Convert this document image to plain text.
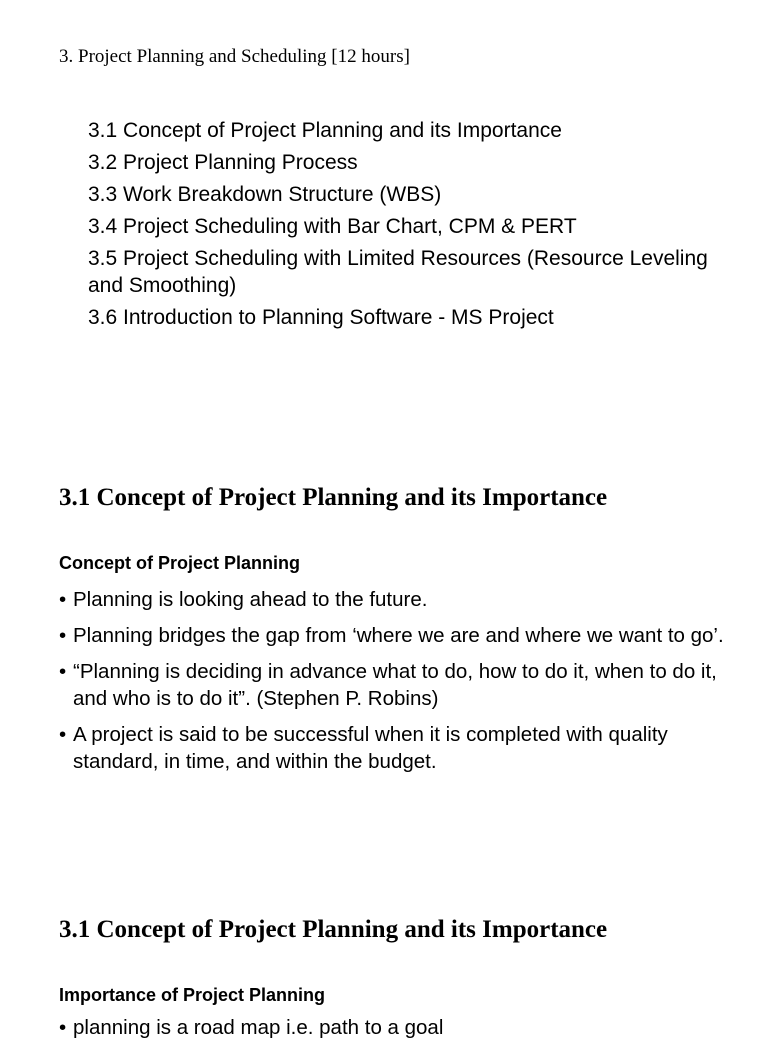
3. Project Planning and Scheduling [12 hours]
3.1 Concept of Project Planning and its Importance
3.2 Project Planning Process
3.3 Work Breakdown Structure (WBS)
3.4 Project Scheduling with Bar Chart, CPM & PERT
3.5 Project Scheduling with Limited Resources (Resource Leveling and Smoothing)
3.6 Introduction to Planning Software - MS Project
3.1 Concept of Project Planning and its Importance
Concept of Project Planning
• Planning is looking ahead to the future.
• Planning bridges the gap from ‘where we are and where we want to go’.
• “Planning is deciding in advance what to do, how to do it, when to do it, and who is to do it”. (Stephen P. Robins)
• A project is said to be successful when it is completed with quality standard, in time, and within the budget.
3.1 Concept of Project Planning and its Importance
Importance of Project Planning
• planning is a road map i.e. path to a goal
